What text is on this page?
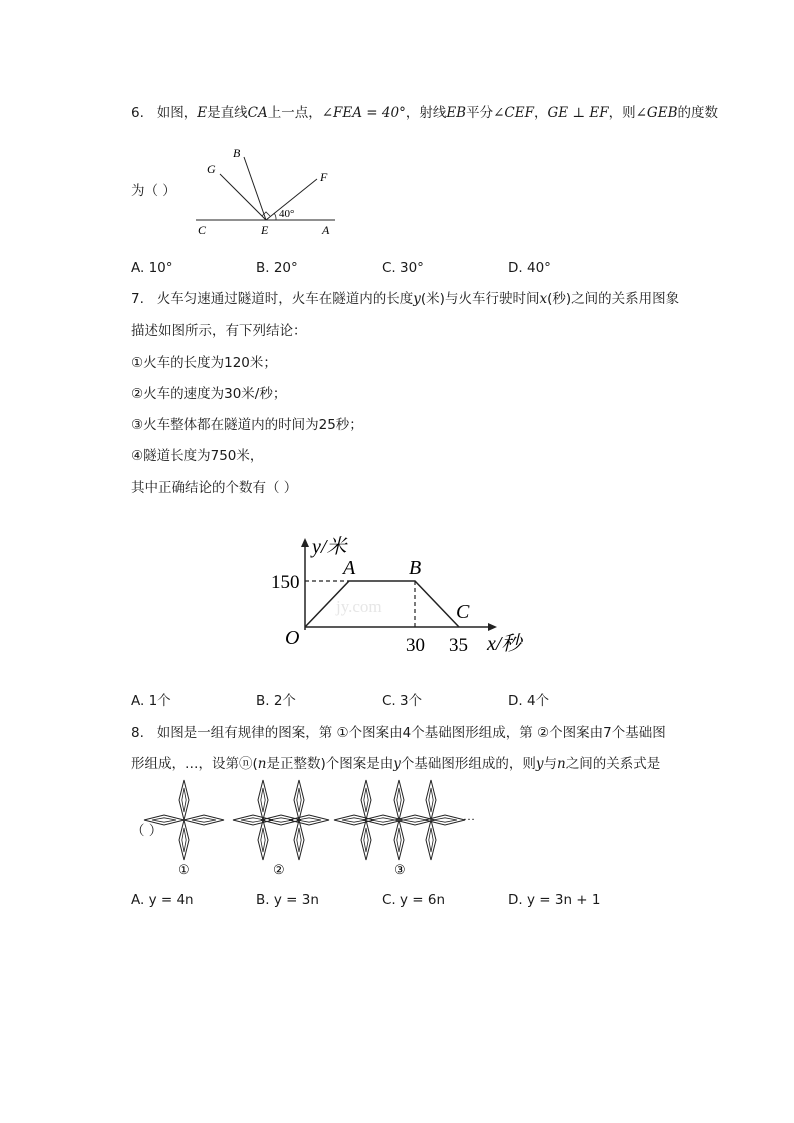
6. 如图，E是直线CA上一点，∠FEA = 40°，射线EB平分∠CEF，GE ⊥ EF，则∠GEB的度数
为（ ）
G
B
F
C	E	A
40°
A. 10°	B. 20°	C. 30°	D. 40°
7. 火车匀速通过隧道时，火车在隧道内的长度y(米)与火车行驶时间x(秒)之间的关系用图象
描述如图所示，有下列结论：
①火车的长度为120米；
②火车的速度为30米/秒；
③火车整体都在隧道内的时间为25秒；
④隧道长度为750米，
其中正确结论的个数有（ ）
jy.com
y/米
150
A	B
C
O	30 35 x/秒
A. 1个	B. 2个	C. 3个	D. 4个
8. 如图是一组有规律的图案，第 ①个图案由4个基础图形组成，第 ②个图案由7个基础图
形组成，…，设第ⓝ(n是正整数)个图案是由y个基础图形组成的，则y与n之间的关系式是
（ ）
…
①	②	③
A. y = 4n	B. y = 3n	C. y = 6n	D. y = 3n + 1
